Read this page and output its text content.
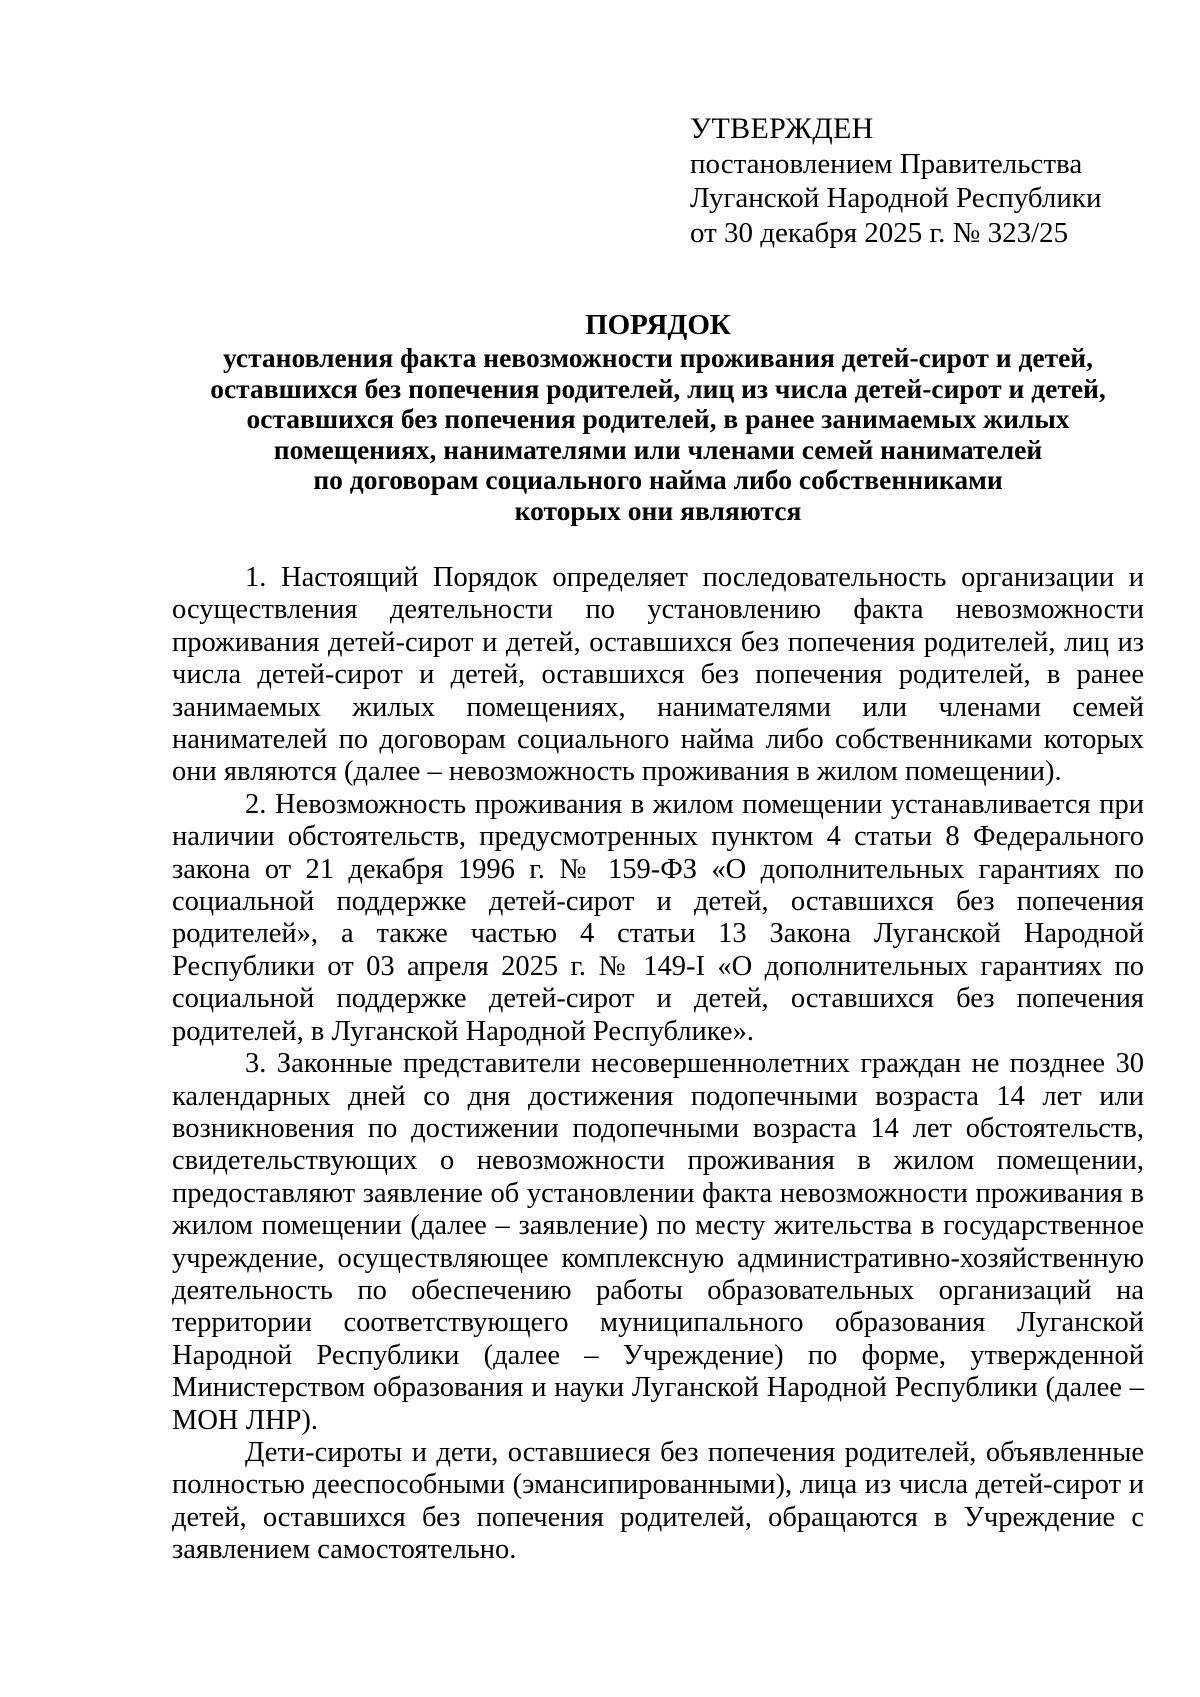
УТВЕРЖДЕН
постановлением Правительства
Луганской Народной Республики
от 30 декабря 2025 г. № 323/25
ПОРЯДОК
установления факта невозможности проживания детей-сирот и детей,
оставшихся без попечения родителей, лиц из числа детей-сирот и детей,
оставшихся без попечения родителей, в ранее занимаемых жилых
помещениях, нанимателями или членами семей нанимателей
по договорам социального найма либо собственниками
которых они являются

1. Настоящий Порядок определяет последовательность организации и осуществления деятельности по установлению факта невозможности проживания детей-сирот и детей, оставшихся без попечения родителей, лиц из числа детей-сирот и детей, оставшихся без попечения родителей, в ранее занимаемых жилых помещениях, нанимателями или членами семей нанимателей по договорам социального найма либо собственниками которых они являются (далее – невозможность проживания в жилом помещении).

2. Невозможность проживания в жилом помещении устанавливается при наличии обстоятельств, предусмотренных пунктом 4 статьи 8 Федерального закона от 21 декабря 1996 г. № 159-ФЗ «О дополнительных гарантиях по социальной поддержке детей-сирот и детей, оставшихся без попечения родителей», а также частью 4 статьи 13 Закона Луганской Народной Республики от 03 апреля 2025 г. № 149-I «О дополнительных гарантиях по социальной поддержке детей-сирот и детей, оставшихся без попечения родителей, в Луганской Народной Республике».

3. Законные представители несовершеннолетних граждан не позднее 30 календарных дней со дня достижения подопечными возраста 14 лет или возникновения по достижении подопечными возраста 14 лет обстоятельств, свидетельствующих о невозможности проживания в жилом помещении, предоставляют заявление об установлении факта невозможности проживания в жилом помещении (далее – заявление) по месту жительства в государственное учреждение, осуществляющее комплексную административно-хозяйственную деятельность по обеспечению работы образовательных организаций на территории соответствующего муниципального образования Луганской Народной Республики (далее – Учреждение) по форме, утвержденной Министерством образования и науки Луганской Народной Республики (далее – МОН ЛНР).

Дети-сироты и дети, оставшиеся без попечения родителей, объявленные полностью дееспособными (эмансипированными), лица из числа детей-сирот и детей, оставшихся без попечения родителей, обращаются в Учреждение с заявлением самостоятельно.
